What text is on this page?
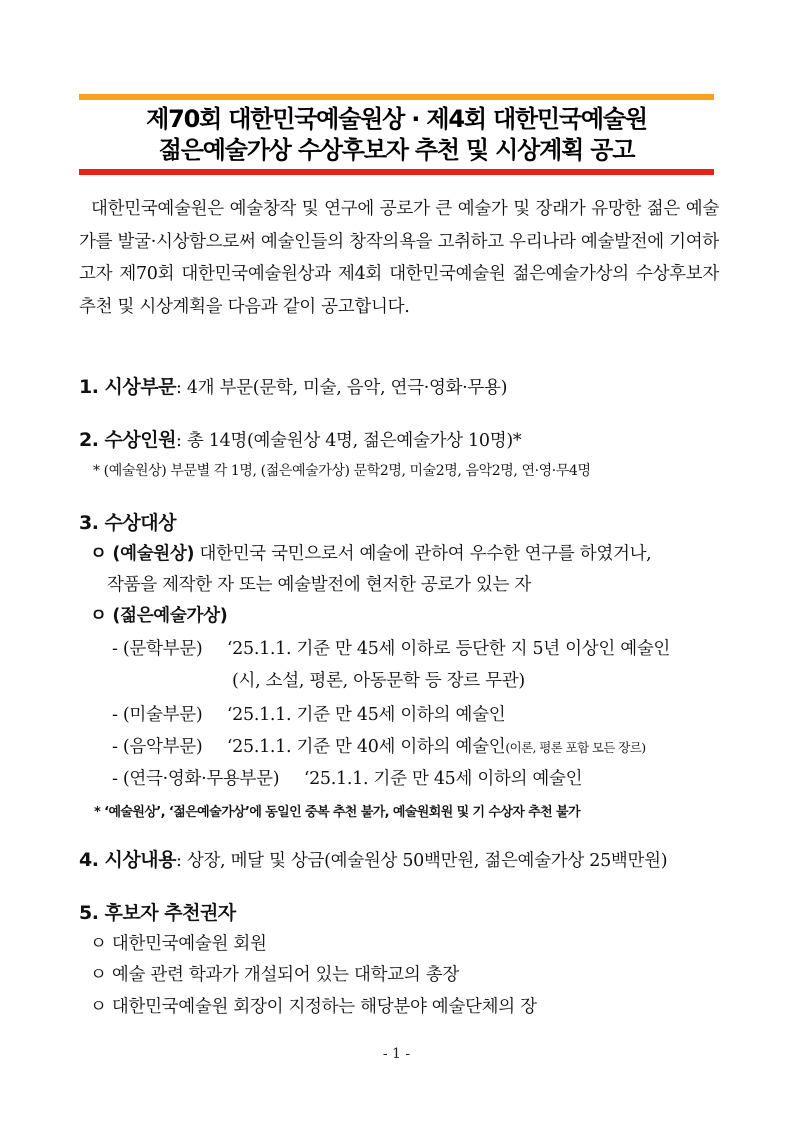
제70회 대한민국예술원상 · 제4회 대한민국예술원
젊은예술가상 수상후보자 추천 및 시상계획 공고

대한민국예술원은 예술창작 및 연구에 공로가 큰 예술가 및 장래가 유망한 젊은 예술가를 발굴·시상함으로써 예술인들의 창작의욕을 고취하고 우리나라 예술발전에 기여하고자 제70회 대한민국예술원상과 제4회 대한민국예술원 젊은예술가상의 수상후보자 추천 및 시상계획을 다음과 같이 공고합니다.

1. 시상부문: 4개 부문(문학, 미술, 음악, 연극·영화·무용)
2. 수상인원: 총 14명(예술원상 4명, 젊은예술가상 10명)*
* (예술원상) 부문별 각 1명, (젊은예술가상) 문학2명, 미술2명, 음악2명, 연·영·무4명
3. 수상대상
ㅇ (예술원상) 대한민국 국민으로서 예술에 관하여 우수한 연구를 하였거나,
작품을 제작한 자 또는 예술발전에 현저한 공로가 있는 자
ㅇ (젊은예술가상)
- (문학부문) ‘25.1.1. 기준 만 45세 이하로 등단한 지 5년 이상인 예술인
(시, 소설, 평론, 아동문학 등 장르 무관)
- (미술부문) ‘25.1.1. 기준 만 45세 이하의 예술인
- (음악부문) ‘25.1.1. 기준 만 40세 이하의 예술인(이론, 평론 포함 모든 장르)
- (연극·영화·무용부문) ‘25.1.1. 기준 만 45세 이하의 예술인
* ‘예술원상’, ‘젊은예술가상’에 동일인 중복 추천 불가, 예술원회원 및 기 수상자 추천 불가
4. 시상내용: 상장, 메달 및 상금(예술원상 50백만원, 젊은예술가상 25백만원)
5. 후보자 추천권자
ㅇ 대한민국예술원 회원
ㅇ 예술 관련 학과가 개설되어 있는 대학교의 총장
ㅇ 대한민국예술원 회장이 지정하는 해당분야 예술단체의 장
- 1 -
